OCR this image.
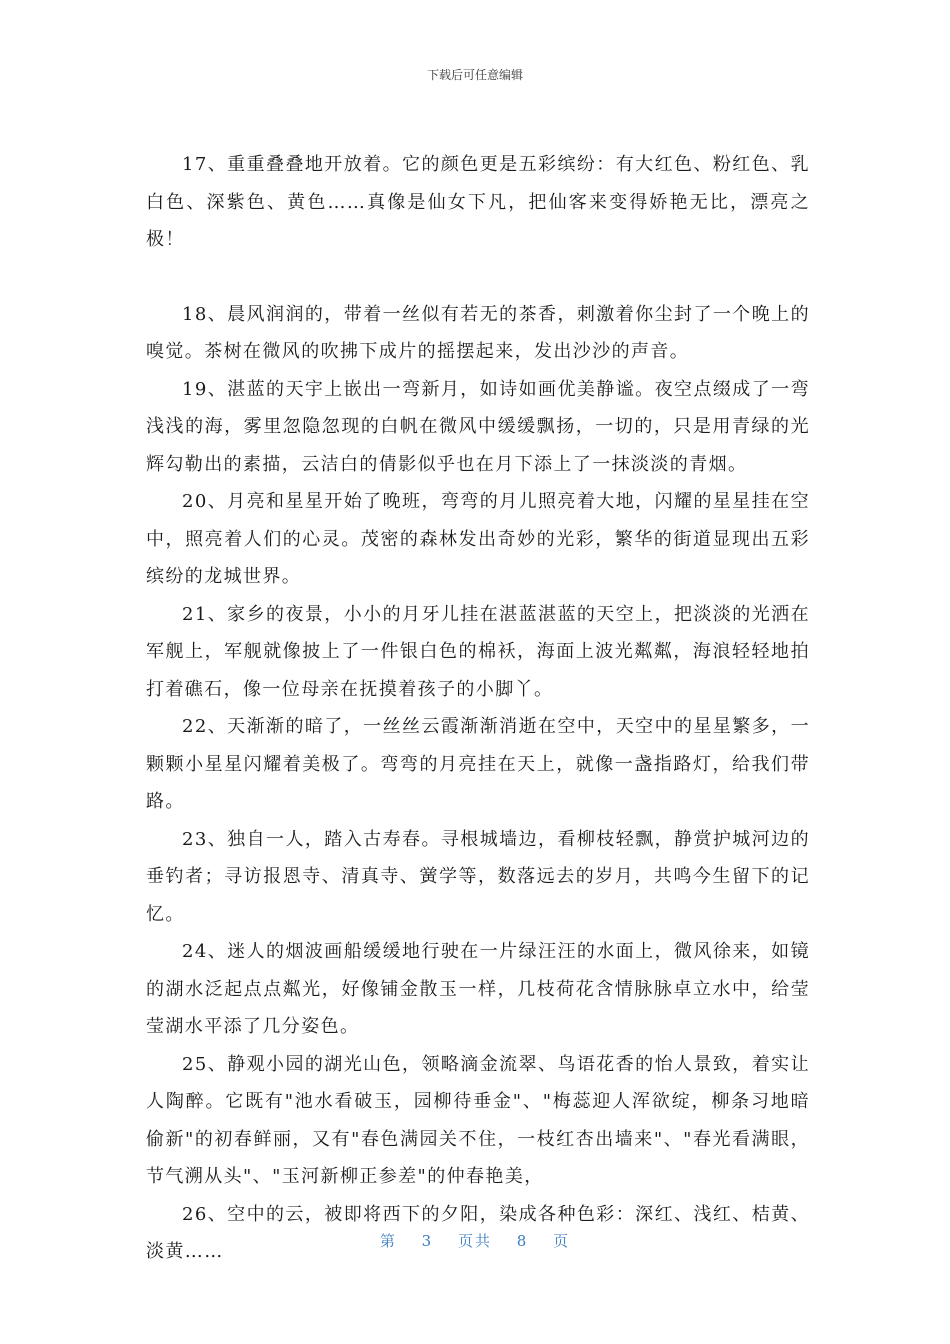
下载后可任意编辑

17、重重叠叠地开放着。它的颜色更是五彩缤纷：有大红色、粉红色、乳白色、深紫色、黄色……真像是仙女下凡，把仙客来变得娇艳无比，漂亮之极！

18、晨风润润的，带着一丝似有若无的茶香，刺激着你尘封了一个晚上的嗅觉。茶树在微风的吹拂下成片的摇摆起来，发出沙沙的声音。

19、湛蓝的天宇上嵌出一弯新月，如诗如画优美静谧。夜空点缀成了一弯浅浅的海，雾里忽隐忽现的白帆在微风中缓缓飘扬，一切的，只是用青绿的光辉勾勒出的素描，云洁白的倩影似乎也在月下添上了一抹淡淡的青烟。

20、月亮和星星开始了晚班，弯弯的月儿照亮着大地，闪耀的星星挂在空中，照亮着人们的心灵。茂密的森林发出奇妙的光彩，繁华的街道显现出五彩缤纷的龙城世界。

21、家乡的夜景，小小的月牙儿挂在湛蓝湛蓝的天空上，把淡淡的光洒在军舰上，军舰就像披上了一件银白色的棉袄，海面上波光粼粼，海浪轻轻地拍打着礁石，像一位母亲在抚摸着孩子的小脚丫。

22、天渐渐的暗了，一丝丝云霞渐渐消逝在空中，天空中的星星繁多，一颗颗小星星闪耀着美极了。弯弯的月亮挂在天上，就像一盏指路灯，给我们带路。

23、独自一人，踏入古寿春。寻根城墙边，看柳枝轻飘，静赏护城河边的垂钓者；寻访报恩寺、清真寺、黉学等，数落远去的岁月，共鸣今生留下的记忆。

24、迷人的烟波画船缓缓地行驶在一片绿汪汪的水面上，微风徐来，如镜的湖水泛起点点粼光，好像铺金散玉一样，几枝荷花含情脉脉卓立水中，给莹莹湖水平添了几分姿色。

25、静观小园的湖光山色，领略滴金流翠、鸟语花香的怡人景致，着实让人陶醉。它既有"池水看破玉，园柳待垂金"、"梅蕊迎人浑欲绽，柳条习地暗偷新"的初春鲜丽，又有"春色满园关不住，一枝红杏出墙来"、"春光看满眼，节气溯从头"、"玉河新柳正参差"的仲春艳美，

26、空中的云，被即将西下的夕阳，染成各种色彩：深红、浅红、桔黄、淡黄……	第 3 页共 8 页
